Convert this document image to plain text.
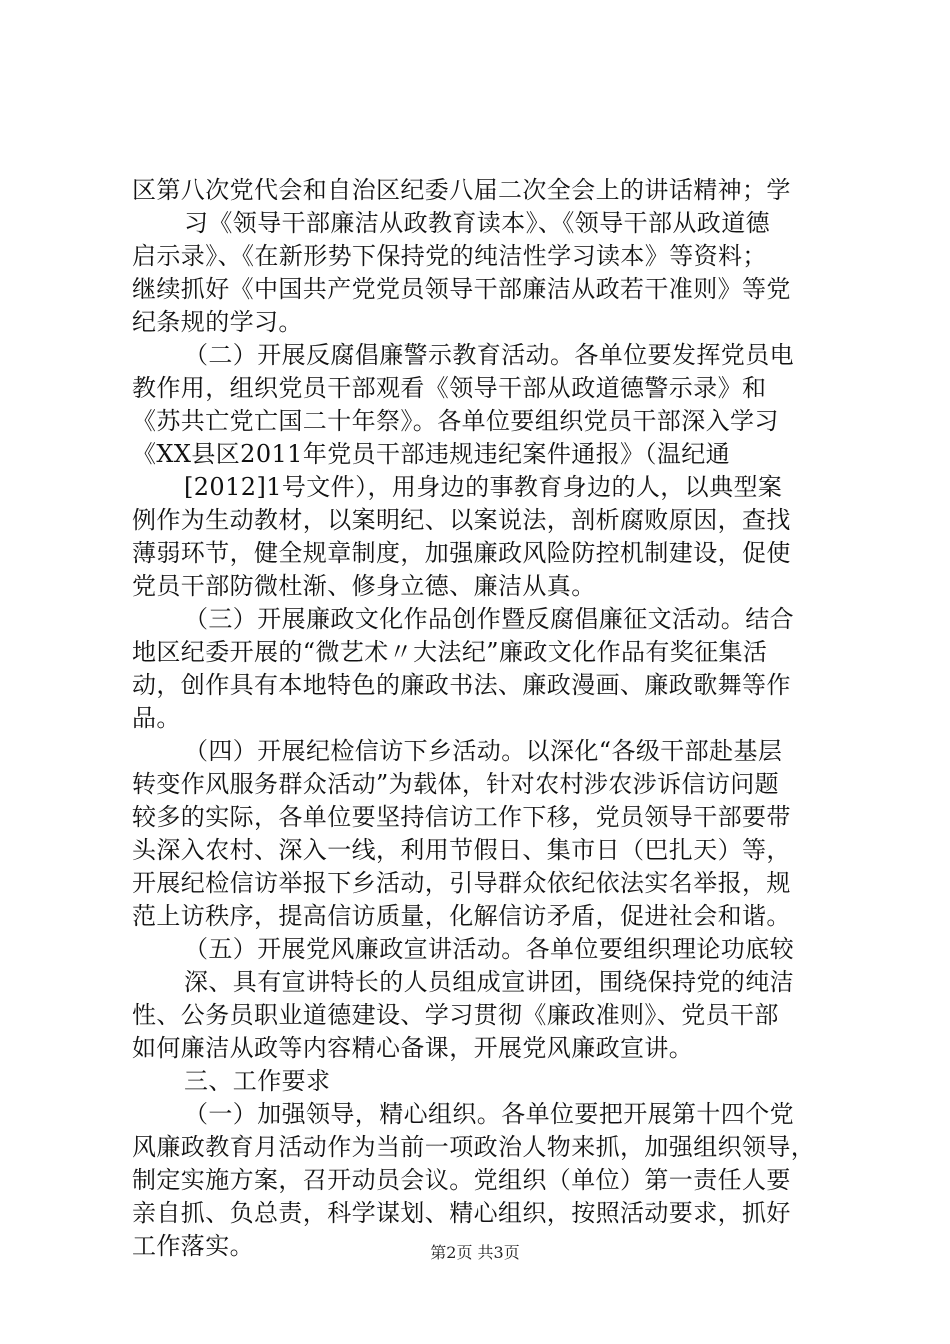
区第八次党代会和自治区纪委八届二次全会上的讲话精神；学
习《领导干部廉洁从政教育读本》、《领导干部从政道德
启示录》、《在新形势下保持党的纯洁性学习读本》等资料；
继续抓好《中国共产党党员领导干部廉洁从政若干准则》等党
纪条规的学习。
（二）开展反腐倡廉警示教育活动。各单位要发挥党员电
教作用，组织党员干部观看《领导干部从政道德警示录》和
《苏共亡党亡国二十年祭》。各单位要组织党员干部深入学习
《XX县区2011年党员干部违规违纪案件通报》（温纪通
[2012]1号文件），用身边的事教育身边的人，以典型案
例作为生动教材，以案明纪、以案说法，剖析腐败原因，查找
薄弱环节，健全规章制度，加强廉政风险防控机制建设，促使
党员干部防微杜渐、修身立德、廉洁从真。
（三）开展廉政文化作品创作暨反腐倡廉征文活动。结合
地区纪委开展的“微艺术〃大法纪”廉政文化作品有奖征集活
动，创作具有本地特色的廉政书法、廉政漫画、廉政歌舞等作
品。
（四）开展纪检信访下乡活动。以深化“各级干部赴基层
转变作风服务群众活动”为载体，针对农村涉农涉诉信访问题
较多的实际，各单位要坚持信访工作下移，党员领导干部要带
头深入农村、深入一线，利用节假日、集市日（巴扎天）等，
开展纪检信访举报下乡活动，引导群众依纪依法实名举报，规
范上访秩序，提高信访质量，化解信访矛盾，促进社会和谐。
（五）开展党风廉政宣讲活动。各单位要组织理论功底较
深、具有宣讲特长的人员组成宣讲团，围绕保持党的纯洁
性、公务员职业道德建设、学习贯彻《廉政准则》、党员干部
如何廉洁从政等内容精心备课，开展党风廉政宣讲。
三、工作要求
（一）加强领导，精心组织。各单位要把开展第十四个党
风廉政教育月活动作为当前一项政治人物来抓，加强组织领导，
制定实施方案，召开动员会议。党组织（单位）第一责任人要
亲自抓、负总责，科学谋划、精心组织，按照活动要求，抓好
工作落实。	第2页 共3页
